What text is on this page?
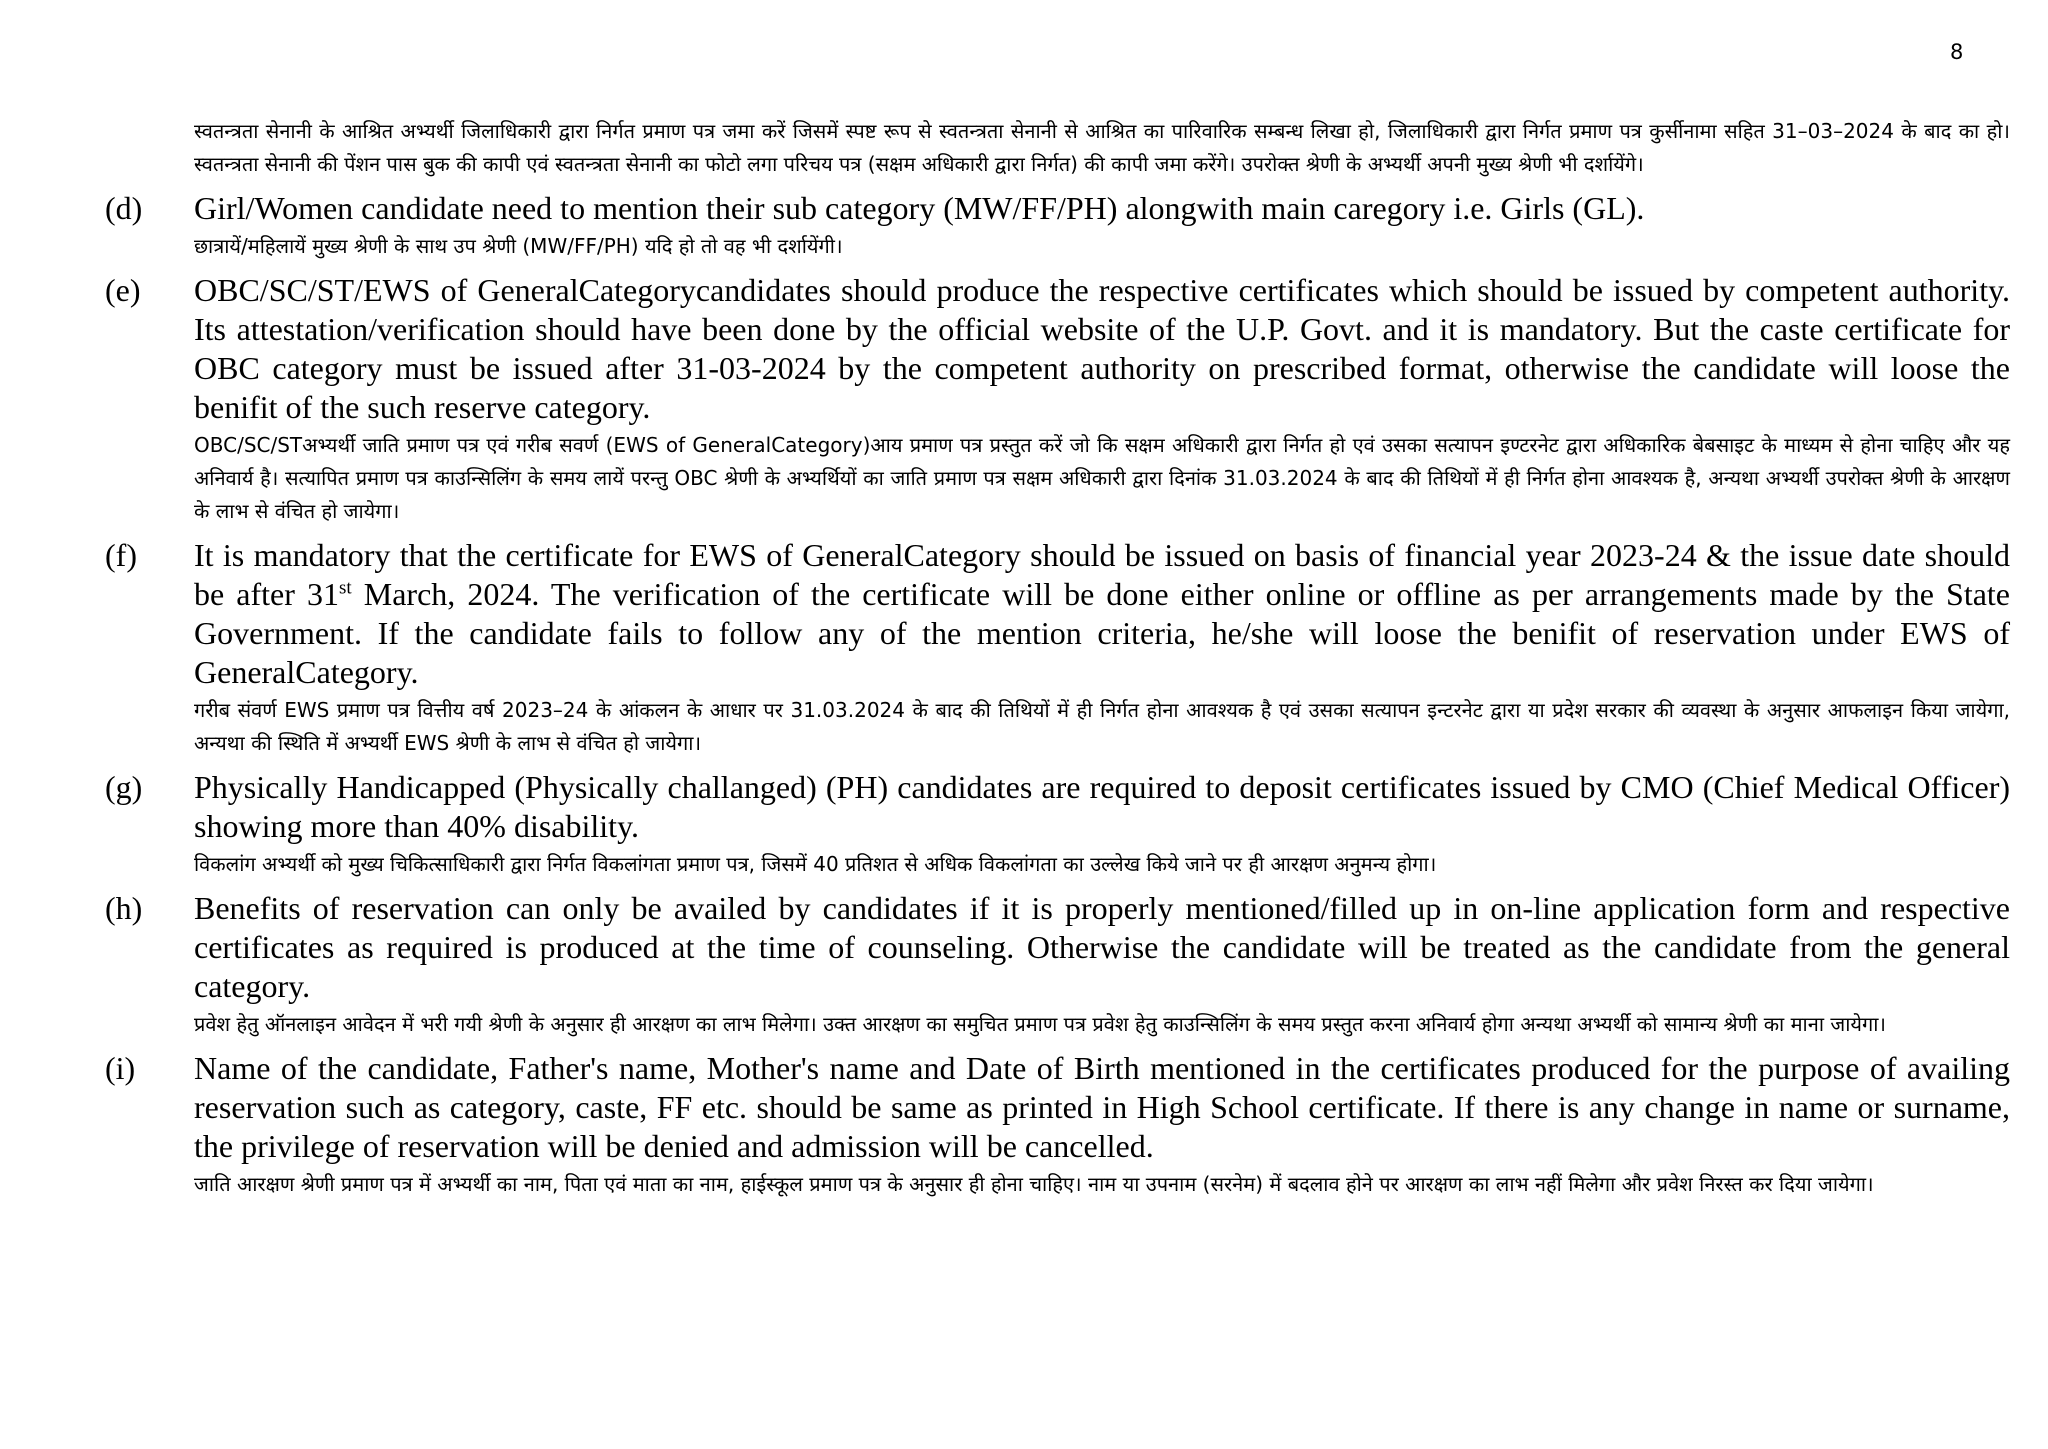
8

स्वतन्त्रता सेनानी के आश्रित अभ्यर्थी जिलाधिकारी द्वारा निर्गत प्रमाण पत्र जमा करें जिसमें स्पष्ट रूप से स्वतन्त्रता सेनानी से आश्रित का पारिवारिक सम्बन्ध लिखा हो, जिलाधिकारी द्वारा निर्गत प्रमाण पत्र कुर्सीनामा सहित 31–03–2024 के बाद का हो। स्वतन्त्रता सेनानी की पेंशन पास बुक की कापी एवं स्वतन्त्रता सेनानी का फोटो लगा परिचय पत्र (सक्षम अधिकारी द्वारा निर्गत) की कापी जमा करेंगे। उपरोक्त श्रेणी के अभ्यर्थी अपनी मुख्य श्रेणी भी दर्शायेंगे।

(d)	Girl/Women candidate need to mention their sub category (MW/FF/PH) alongwith main caregory i.e. Girls (GL).

छात्रायें/महिलायें मुख्य श्रेणी के साथ उप श्रेणी (MW/FF/PH) यदि हो तो वह भी दर्शायेंगी।

(e)	OBC/SC/ST/EWS of GeneralCategorycandidates should produce the respective certificates which should be issued by competent authority. Its attestation/verification should have been done by the official website of the U.P. Govt. and it is mandatory. But the caste certificate for OBC category must be issued after 31-03-2024 by the competent authority on prescribed format, otherwise the candidate will loose the benifit of the such reserve category.

OBC/SC/STअभ्यर्थी जाति प्रमाण पत्र एवं गरीब सवर्ण (EWS of GeneralCategory)आय प्रमाण पत्र प्रस्तुत करें जो कि सक्षम अधिकारी द्वारा निर्गत हो एवं उसका सत्यापन इण्टरनेट द्वारा अधिकारिक बेबसाइट के माध्यम से होना चाहिए और यह अनिवार्य है। सत्यापित प्रमाण पत्र काउन्सिलिंग के समय लायें परन्तु OBC श्रेणी के अभ्यर्थियों का जाति प्रमाण पत्र सक्षम अधिकारी द्वारा दिनांक 31.03.2024 के बाद की तिथियों में ही निर्गत होना आवश्यक है, अन्यथा अभ्यर्थी उपरोक्त श्रेणी के आरक्षण के लाभ से वंचित हो जायेगा।

(f)	It is mandatory that the certificate for EWS of GeneralCategory should be issued on basis of financial year 2023-24 & the issue date should be after 31st March, 2024. The verification of the certificate will be done either online or offline as per arrangements made by the State Government. If the candidate fails to follow any of the mention criteria, he/she will loose the benifit of reservation under EWS of GeneralCategory.

गरीब संवर्ण EWS प्रमाण पत्र वित्तीय वर्ष 2023–24 के आंकलन के आधार पर 31.03.2024 के बाद की तिथियों में ही निर्गत होना आवश्यक है एवं उसका सत्यापन इन्टरनेट द्वारा या प्रदेश सरकार की व्यवस्था के अनुसार आफलाइन किया जायेगा, अन्यथा की स्थिति में अभ्यर्थी EWS श्रेणी के लाभ से वंचित हो जायेगा।

(g)	Physically Handicapped (Physically challanged) (PH) candidates are required to deposit certificates issued by CMO (Chief Medical Officer) showing more than 40% disability.

विकलांग अभ्यर्थी को मुख्य चिकित्साधिकारी द्वारा निर्गत विकलांगता प्रमाण पत्र, जिसमें 40 प्रतिशत से अधिक विकलांगता का उल्लेख किये जाने पर ही आरक्षण अनुमन्य होगा।

(h)	Benefits of reservation can only be availed by candidates if it is properly mentioned/filled up in on-line application form and respective certificates as required is produced at the time of counseling. Otherwise the candidate will be treated as the candidate from the general category.

प्रवेश हेतु ऑनलाइन आवेदन में भरी गयी श्रेणी के अनुसार ही आरक्षण का लाभ मिलेगा। उक्त आरक्षण का समुचित प्रमाण पत्र प्रवेश हेतु काउन्सिलिंग के समय प्रस्तुत करना अनिवार्य होगा अन्यथा अभ्यर्थी को सामान्य श्रेणी का माना जायेगा।

(i)	Name of the candidate, Father's name, Mother's name and Date of Birth mentioned in the certificates produced for the purpose of availing reservation such as category, caste, FF etc. should be same as printed in High School certificate. If there is any change in name or surname, the privilege of reservation will be denied and admission will be cancelled.

जाति आरक्षण श्रेणी प्रमाण पत्र में अभ्यर्थी का नाम, पिता एवं माता का नाम, हाईस्कूल प्रमाण पत्र के अनुसार ही होना चाहिए। नाम या उपनाम (सरनेम) में बदलाव होने पर आरक्षण का लाभ नहीं मिलेगा और प्रवेश निरस्त कर दिया जायेगा।
